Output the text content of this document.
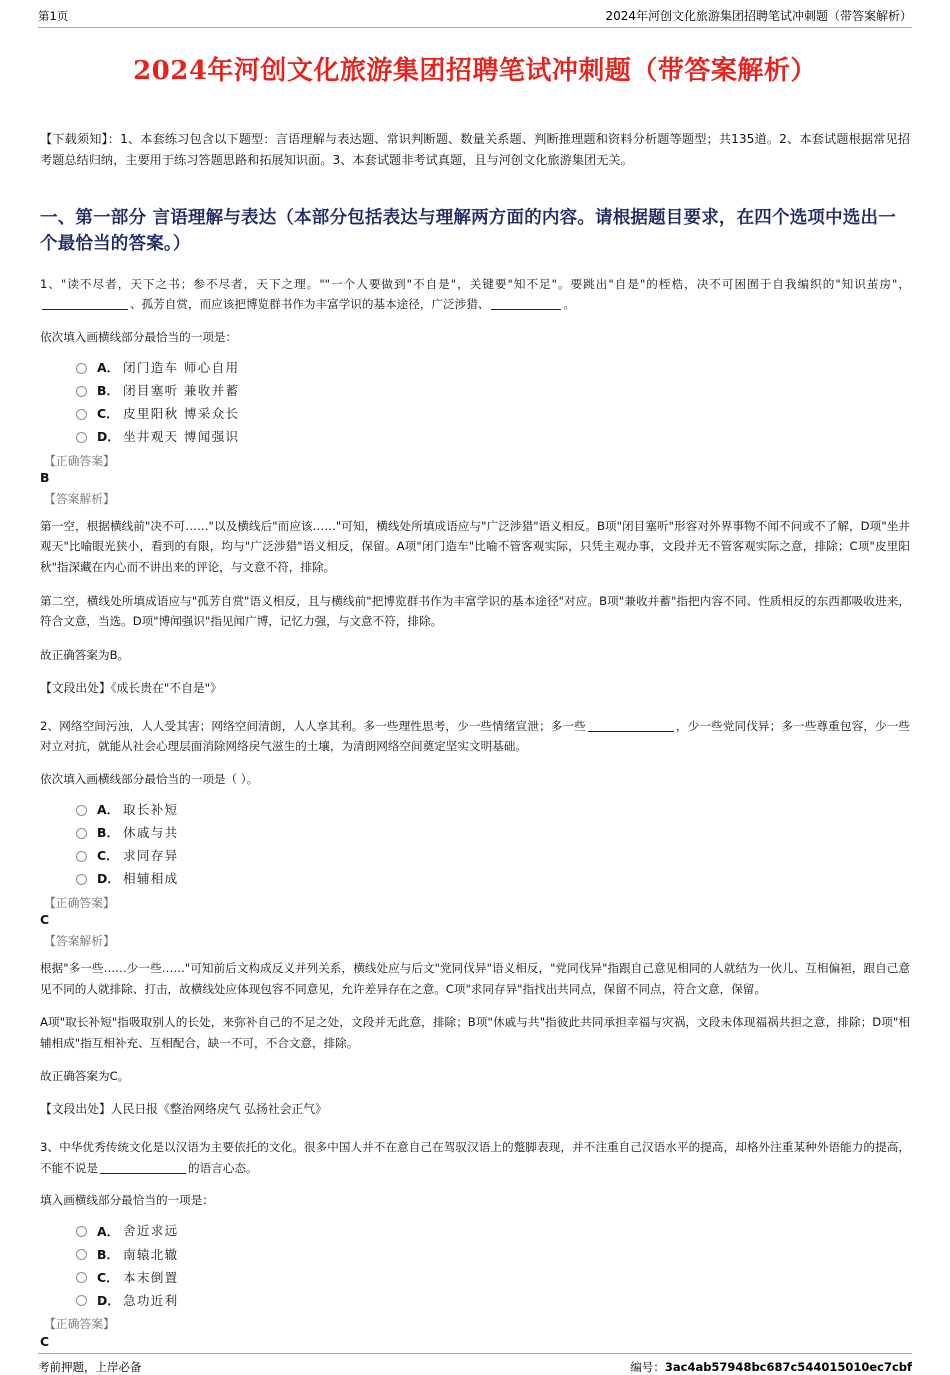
第1页	2024年河创文化旅游集团招聘笔试冲刺题（带答案解析）
2024年河创文化旅游集团招聘笔试冲刺题（带答案解析）

【下载须知】：1、本套练习包含以下题型：言语理解与表达题、常识判断题、数量关系题、判断推理题和资料分析题等题型；共135道。2、本套试题根据常见招考题总结归纳，主要用于练习答题思路和拓展知识面。3、本套试题非考试真题，且与河创文化旅游集团无关。

一、第一部分 言语理解与表达（本部分包括表达与理解两方面的内容。请根据题目要求，在四个选项中选出一个最恰当的答案。）

1、"读不尽者，天下之书；参不尽者，天下之理。""一个人要做到"不自是"，关键要"知不足"。要跳出"自是"的桎梏，决不可困囿于自我编织的"知识茧房"，、孤芳自赏，而应该把博览群书作为丰富学识的基本途径，广泛涉猎、	。

依次填入画横线部分最恰当的一项是：

A． 闭门造车 师心自用
B． 闭目塞听 兼收并蓄
C． 皮里阳秋 博采众长
D． 坐井观天 博闻强识
【正确答案】
B
【答案解析】

第一空，根据横线前"决不可……"以及横线后"而应该……"可知，横线处所填成语应与"广泛涉猎"语义相反。B项"闭目塞听"形容对外界事物不闻不问或不了解，D项"坐井观天"比喻眼光狭小，看到的有限，均与"广泛涉猎"语义相反，保留。A项"闭门造车"比喻不管客观实际，只凭主观办事，文段并无不管客观实际之意，排除；C项"皮里阳秋"指深藏在内心而不讲出来的评论，与文意不符，排除。

第二空，横线处所填成语应与"孤芳自赏"语义相反，且与横线前"把博览群书作为丰富学识的基本途径"对应。B项"兼收并蓄"指把内容不同、性质相反的东西都吸收进来，符合文意，当选。D项"博闻强识"指见闻广博，记忆力强，与文意不符，排除。

故正确答案为B。

【文段出处】《成长贵在"不自是"》

2、网络空间污浊，人人受其害；网络空间清朗，人人享其利。多一些理性思考，少一些情绪宣泄；多一些	，少一些党同伐异；多一些尊重包容，少一些对立对抗，就能从社会心理层面消除网络戾气滋生的土壤，为清朗网络空间奠定坚实文明基础。

依次填入画横线部分最恰当的一项是（ ）。

A． 取长补短
B． 休戚与共
C． 求同存异
D． 相辅相成
【正确答案】
C
【答案解析】

根据"多一些……少一些……"可知前后文构成反义并列关系，横线处应与后文"党同伐异"语义相反，"党同伐异"指跟自己意见相同的人就结为一伙儿、互相偏袒，跟自己意见不同的人就排除、打击，故横线处应体现包容不同意见，允许差异存在之意。C项"求同存异"指找出共同点，保留不同点，符合文意，保留。

A项"取长补短"指吸取别人的长处，来弥补自己的不足之处，文段并无此意，排除；B项"休戚与共"指彼此共同承担幸福与灾祸，文段未体现福祸共担之意，排除；D项"相辅相成"指互相补充、互相配合，缺一不可，不合文意，排除。

故正确答案为C。

【文段出处】人民日报《整治网络戾气 弘扬社会正气》

3、中华优秀传统文化是以汉语为主要依托的文化。很多中国人并不在意自己在驾驭汉语上的蹩脚表现，并不注重自己汉语水平的提高，却格外注重某种外语能力的提高，不能不说是	的语言心态。

填入画横线部分最恰当的一项是：

A． 舍近求远
B． 南辕北辙
C． 本末倒置
D． 急功近利
【正确答案】
C
考前押题，上岸必备	编号：3ac4ab57948bc687c544015010ec7cbf
